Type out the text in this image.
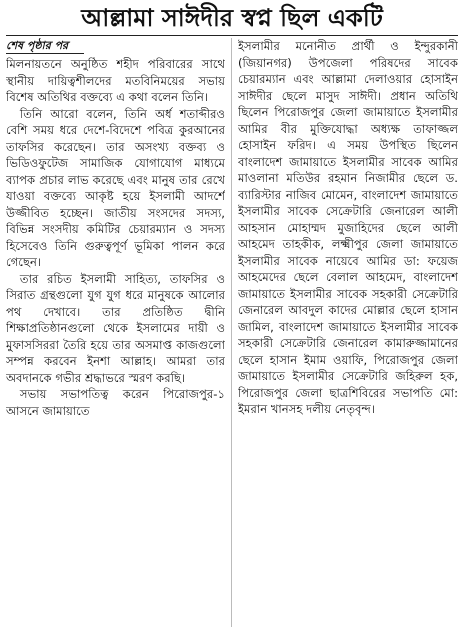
আল্লামা সাঈদীর স্বপ্ন ছিল একটি
শেষ পৃষ্ঠার পর

মিলনায়তনে অনুষ্ঠিত শহীদ পরিবারের সাথে স্থানীয় দায়িত্বশীলদের মতবিনিময়ের সভায় বিশেষ অতিথির বক্তব্যে এ কথা বলেন তিনি।

তিনি আরো বলেন, তিনি অর্ধ শতাব্দীরও বেশি সময় ধরে দেশে-বিদেশে পবিত্র কুরআনের তাফসির করেছেন। তার অসংখ্য বক্তব্য ও ভিডিওফুটেজ সামাজিক যোগাযোগ মাধ্যমে ব্যাপক প্রচার লাভ করেছে এবং মানুষ তার রেখে যাওয়া বক্তব্যে আকৃষ্ট হয়ে ইসলামী আদর্শে উজ্জীবিত হচ্ছেন। জাতীয় সংসদের সদস্য, বিভিন্ন সংসদীয় কমিটির চেয়ারম্যান ও সদস্য হিসেবেও তিনি গুরুত্বপূর্ণ ভূমিকা পালন করে গেছেন।

তার রচিত ইসলামী সাহিত্য, তাফসির ও সিরাত গ্রন্থগুলো যুগ যুগ ধরে মানুষকে আলোর পথ দেখাবে। তার প্রতিষ্ঠিত দ্বীনি শিক্ষাপ্রতিষ্ঠানগুলো থেকে ইসলামের দায়ী ও মুফাসসিররা তৈরি হয়ে তার অসমাপ্ত কাজগুলো সম্পন্ন করবেন ইনশা আল্লাহ। আমরা তার অবদানকে গভীর শ্রদ্ধাভরে স্মরণ করছি।

সভায় সভাপতিত্ব করেন পিরোজপুর-১ আসনে জামায়াতে

ইসলামীর মনোনীত প্রার্থী ও ইন্দুরকানী (জিয়ানগর) উপজেলা পরিষদের সাবেক চেয়ারম্যান এবং আল্লামা দেলাওয়ার হোসাইন সাঈদীর ছেলে মাসুদ সাঈদী। প্রধান অতিথি ছিলেন পিরোজপুর জেলা জামায়াতে ইসলামীর আমির বীর মুক্তিযোদ্ধা অধ্যক্ষ তাফাজ্জল হোসাইন ফরিদ। এ সময় উপস্থিত ছিলেন বাংলাদেশ জামায়াতে ইসলামীর সাবেক আমির মাওলানা মতিউর রহমান নিজামীর ছেলে ড. ব্যারিস্টার নাজিব মোমেন, বাংলাদেশ জামায়াতে ইসলামীর সাবেক সেক্রেটারি জেনারেল আলী আহসান মোহাম্মদ মুজাহিদের ছেলে আলী আহমেদ তাহকীক, লক্ষ্মীপুর জেলা জামায়াতে ইসলামীর সাবেক নায়েবে আমির ডা: ফয়েজ আহমেদের ছেলে বেলাল আহমেদ, বাংলাদেশ জামায়াতে ইসলামীর সাবেক সহকারী সেক্রেটারি জেনারেল আবদুল কাদের মোল্লার ছেলে হাসান জামিল, বাংলাদেশ জামায়াতে ইসলামীর সাবেক সহকারী সেক্রেটারি জেনারেল কামারুজ্জামানের ছেলে হাসান ইমাম ওয়াফি, পিরোজপুর জেলা জামায়াতে ইসলামীর সেক্রেটারি জহিরুল হক, পিরোজপুর জেলা ছাত্রশিবিরের সভাপতি মো: ইমরান খানসহ দলীয় নেতৃবৃন্দ।
